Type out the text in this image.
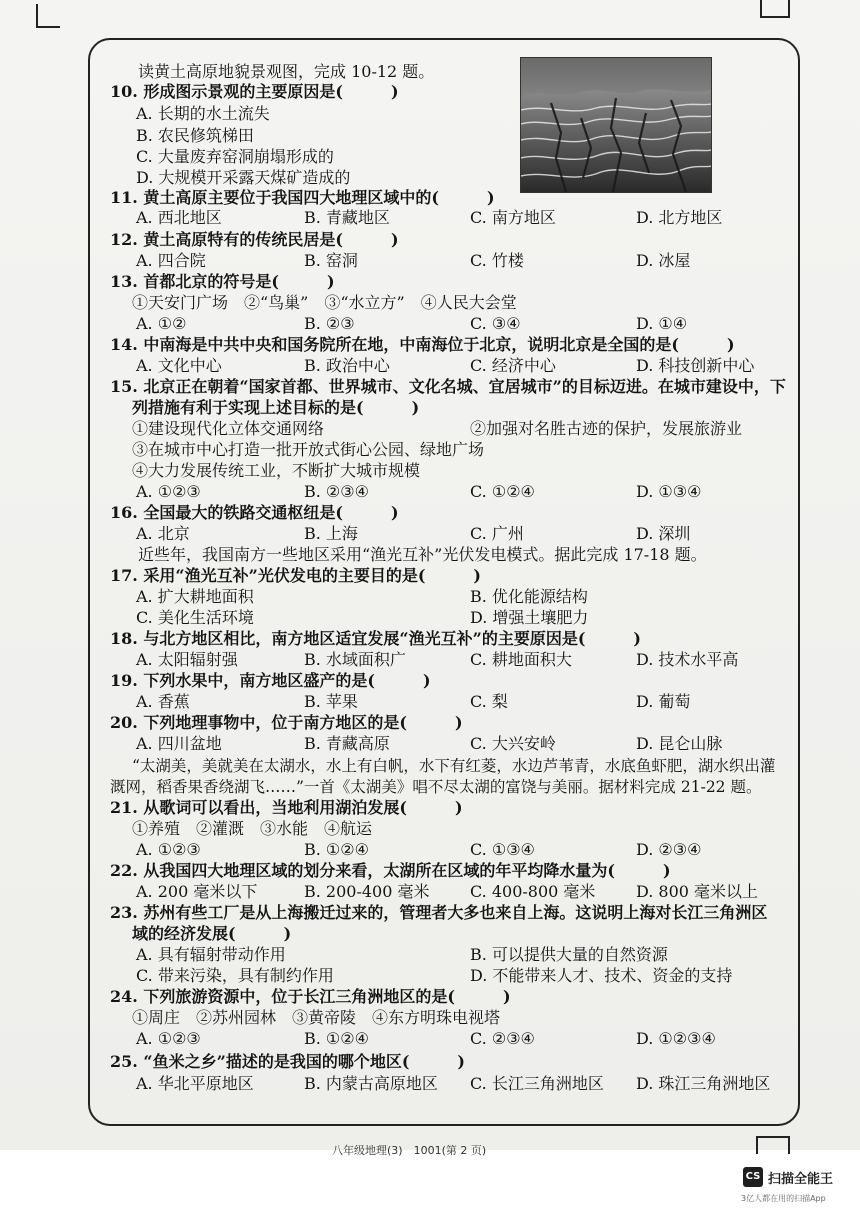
读黄土高原地貌景观图，完成 10-12 题。
10. 形成图示景观的主要原因是(　　　)
A. 长期的水土流失
B. 农民修筑梯田
C. 大量废弃窑洞崩塌形成的
D. 大规模开采露天煤矿造成的
11. 黄土高原主要位于我国四大地理区域中的(　　　)
A. 西北地区	B. 青藏地区	C. 南方地区	D. 北方地区
12. 黄土高原特有的传统民居是(　　　)
A. 四合院	B. 窑洞	C. 竹楼	D. 冰屋
13. 首都北京的符号是(　　　)
①天安门广场　②“鸟巢”　③“水立方”　④人民大会堂
A. ①②	B. ②③	C. ③④	D. ①④
14. 中南海是中共中央和国务院所在地，中南海位于北京，说明北京是全国的是(　　　)
A. 文化中心	B. 政治中心	C. 经济中心	D. 科技创新中心
15. 北京正在朝着“国家首都、世界城市、文化名城、宜居城市”的目标迈进。在城市建设中，下
列措施有利于实现上述目标的是(　　　)
①建设现代化立体交通网络	②加强对名胜古迹的保护，发展旅游业
③在城市中心打造一批开放式街心公园、绿地广场
④大力发展传统工业，不断扩大城市规模
A. ①②③	B. ②③④	C. ①②④	D. ①③④
16. 全国最大的铁路交通枢纽是(　　　)
A. 北京	B. 上海	C. 广州	D. 深圳
近些年，我国南方一些地区采用“渔光互补”光伏发电模式。据此完成 17-18 题。
17. 采用“渔光互补”光伏发电的主要目的是(　　　)
A. 扩大耕地面积	B. 优化能源结构
C. 美化生活环境	D. 增强土壤肥力
18. 与北方地区相比，南方地区适宜发展“渔光互补”的主要原因是(　　　)
A. 太阳辐射强	B. 水域面积广	C. 耕地面积大	D. 技术水平高
19. 下列水果中，南方地区盛产的是(　　　)
A. 香蕉	B. 苹果	C. 梨	D. 葡萄
20. 下列地理事物中，位于南方地区的是(　　　)
A. 四川盆地	B. 青藏高原	C. 大兴安岭	D. 昆仑山脉
“太湖美，美就美在太湖水，水上有白帆，水下有红菱，水边芦苇青，水底鱼虾肥，湖水织出灌
溉网，稻香果香绕湖飞……”一首《太湖美》唱不尽太湖的富饶与美丽。据材料完成 21-22 题。
21. 从歌词可以看出，当地利用湖泊发展(　　　)
①养殖　②灌溉　③水能　④航运
A. ①②③	B. ①②④	C. ①③④	D. ②③④
22. 从我国四大地理区域的划分来看，太湖所在区域的年平均降水量为(　　　)
A. 200 毫米以下	B. 200-400 毫米	C. 400-800 毫米	D. 800 毫米以上
23. 苏州有些工厂是从上海搬迁过来的，管理者大多也来自上海。这说明上海对长江三角洲区
域的经济发展(　　　)
A. 具有辐射带动作用	B. 可以提供大量的自然资源
C. 带来污染，具有制约作用	D. 不能带来人才、技术、资金的支持
24. 下列旅游资源中，位于长江三角洲地区的是(　　　)
①周庄　②苏州园林　③黄帝陵　④东方明珠电视塔
A. ①②③	B. ①②④	C. ②③④	D. ①②③④
25. “鱼米之乡”描述的是我国的哪个地区(　　　)
A. 华北平原地区	B. 内蒙古高原地区 C. 长江三角洲地区 D. 珠江三角洲地区
八年级地理(3)　1001(第 2 页)
CS 扫描全能王
3亿人都在用的扫描App
